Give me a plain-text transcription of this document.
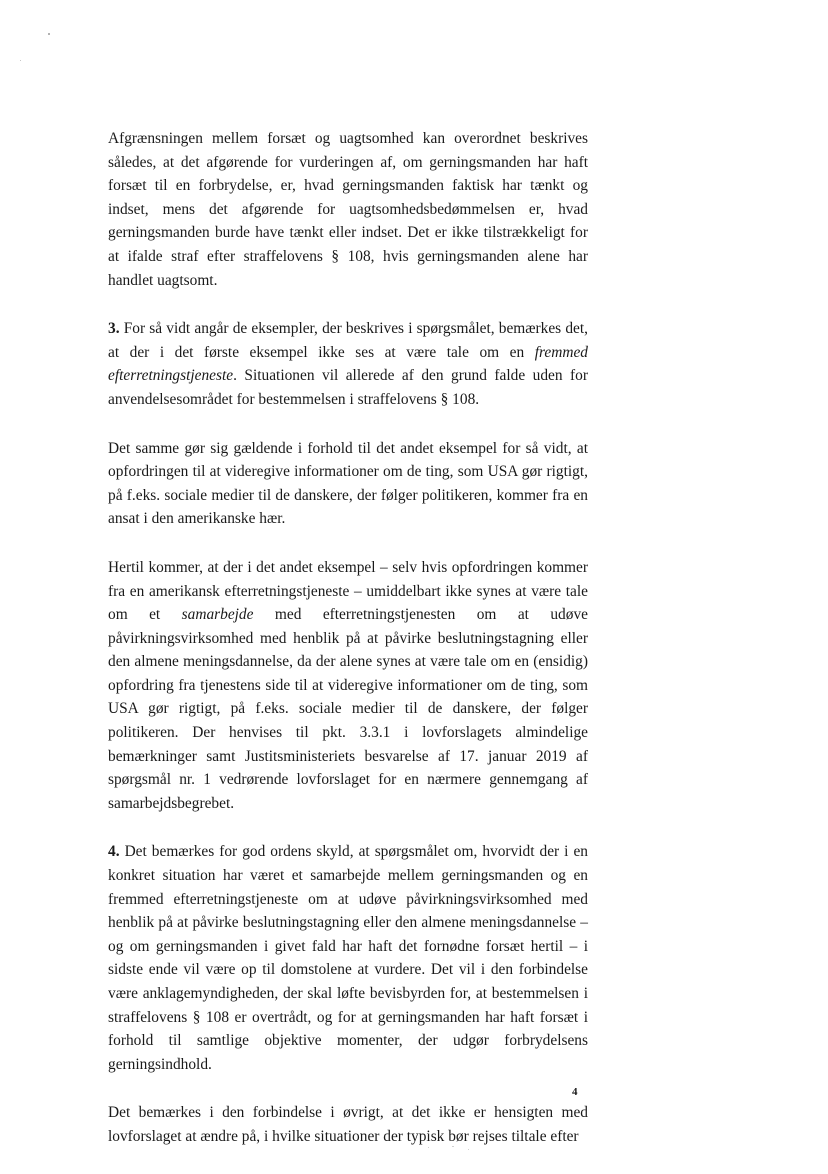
Afgrænsningen mellem forsæt og uagtsomhed kan overordnet beskrives således, at det afgørende for vurderingen af, om gerningsmanden har haft forsæt til en forbrydelse, er, hvad gerningsmanden faktisk har tænkt og indset, mens det afgørende for uagtsomhedsbedømmelsen er, hvad gerningsmanden burde have tænkt eller indset. Det er ikke tilstrækkeligt for at ifalde straf efter straffelovens § 108, hvis gerningsmanden alene har handlet uagtsomt.

3. For så vidt angår de eksempler, der beskrives i spørgsmålet, bemærkes det, at der i det første eksempel ikke ses at være tale om en fremmed efterretningstjeneste. Situationen vil allerede af den grund falde uden for anvendelsesområdet for bestemmelsen i straffelovens § 108.

Det samme gør sig gældende i forhold til det andet eksempel for så vidt, at opfordringen til at videregive informationer om de ting, som USA gør rigtigt, på f.eks. sociale medier til de danskere, der følger politikeren, kommer fra en ansat i den amerikanske hær.

Hertil kommer, at der i det andet eksempel – selv hvis opfordringen kommer fra en amerikansk efterretningstjeneste – umiddelbart ikke synes at være tale om et samarbejde med efterretningstjenesten om at udøve påvirkningsvirksomhed med henblik på at påvirke beslutningstagning eller den almene meningsdannelse, da der alene synes at være tale om en (ensidig) opfordring fra tjenestens side til at videregive informationer om de ting, som USA gør rigtigt, på f.eks. sociale medier til de danskere, der følger politikeren. Der henvises til pkt. 3.3.1 i lovforslagets almindelige bemærkninger samt Justitsministeriets besvarelse af 17. januar 2019 af spørgsmål nr. 1 vedrørende lovforslaget for en nærmere gennemgang af samarbejdsbegrebet.

4. Det bemærkes for god ordens skyld, at spørgsmålet om, hvorvidt der i en konkret situation har været et samarbejde mellem gerningsmanden og en fremmed efterretningstjeneste om at udøve påvirkningsvirksomhed med henblik på at påvirke beslutningstagning eller den almene meningsdannelse – og om gerningsmanden i givet fald har haft det fornødne forsæt hertil – i sidste ende vil være op til domstolene at vurdere. Det vil i den forbindelse være anklagemyndigheden, der skal løfte bevisbyrden for, at bestemmelsen i straffelovens § 108 er overtrådt, og for at gerningsmanden har haft forsæt i forhold til samtlige objektive momenter, der udgør forbrydelsens gerningsindhold.

Det bemærkes i den forbindelse i øvrigt, at det ikke er hensigten med lovforslaget at ændre på, i hvilke situationer der typisk bør rejses tiltale efter

4
